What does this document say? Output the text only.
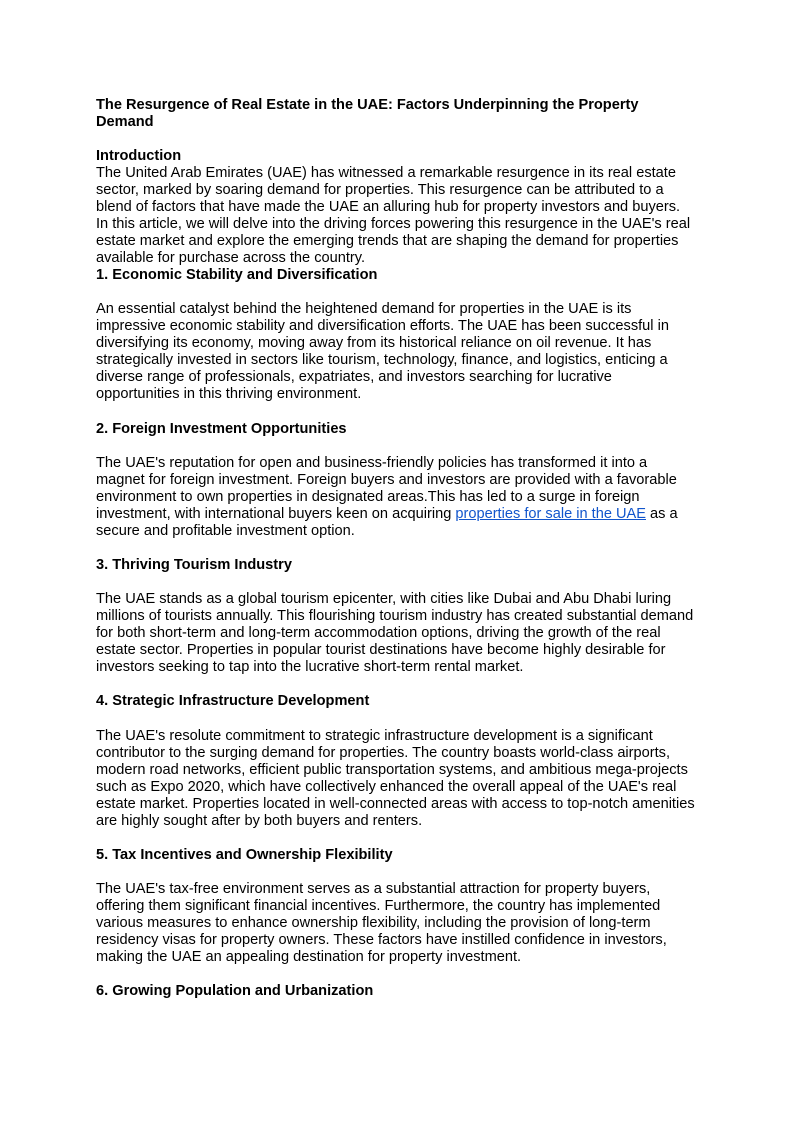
The Resurgence of Real Estate in the UAE: Factors Underpinning the Property
Demand
Introduction
The United Arab Emirates (UAE) has witnessed a remarkable resurgence in its real estate
sector, marked by soaring demand for properties. This resurgence can be attributed to a
blend of factors that have made the UAE an alluring hub for property investors and buyers.
In this article, we will delve into the driving forces powering this resurgence in the UAE's real
estate market and explore the emerging trends that are shaping the demand for properties
available for purchase across the country.
1. Economic Stability and Diversification
An essential catalyst behind the heightened demand for properties in the UAE is its
impressive economic stability and diversification efforts. The UAE has been successful in
diversifying its economy, moving away from its historical reliance on oil revenue. It has
strategically invested in sectors like tourism, technology, finance, and logistics, enticing a
diverse range of professionals, expatriates, and investors searching for lucrative
opportunities in this thriving environment.
2. Foreign Investment Opportunities
The UAE's reputation for open and business-friendly policies has transformed it into a
magnet for foreign investment. Foreign buyers and investors are provided with a favorable
environment to own properties in designated areas.This has led to a surge in foreign
investment, with international buyers keen on acquiring properties for sale in the UAE as a
secure and profitable investment option.
3. Thriving Tourism Industry
The UAE stands as a global tourism epicenter, with cities like Dubai and Abu Dhabi luring
millions of tourists annually. This flourishing tourism industry has created substantial demand
for both short-term and long-term accommodation options, driving the growth of the real
estate sector. Properties in popular tourist destinations have become highly desirable for
investors seeking to tap into the lucrative short-term rental market.
4. Strategic Infrastructure Development
The UAE's resolute commitment to strategic infrastructure development is a significant
contributor to the surging demand for properties. The country boasts world-class airports,
modern road networks, efficient public transportation systems, and ambitious mega-projects
such as Expo 2020, which have collectively enhanced the overall appeal of the UAE's real
estate market. Properties located in well-connected areas with access to top-notch amenities
are highly sought after by both buyers and renters.
5. Tax Incentives and Ownership Flexibility
The UAE's tax-free environment serves as a substantial attraction for property buyers,
offering them significant financial incentives. Furthermore, the country has implemented
various measures to enhance ownership flexibility, including the provision of long-term
residency visas for property owners. These factors have instilled confidence in investors,
making the UAE an appealing destination for property investment.
6. Growing Population and Urbanization
